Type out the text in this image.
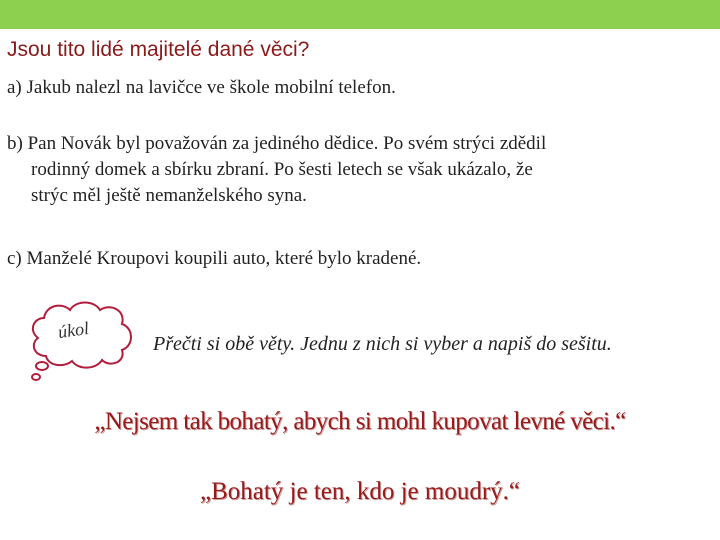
Jsou tito lidé majitelé dané věci?
a) Jakub nalezl na lavičce ve škole mobilní telefon.
b) Pan Novák byl považován za jediného dědice. Po svém strýci zdědil
rodinný domek a sbírku zbraní. Po šesti letech se však ukázalo, že
strýc měl ještě nemanželského syna.
c) Manželé Kroupovi koupili auto, které bylo kradené.
úkol
Přečti si obě věty. Jednu z nich si vyber a napiš do sešitu.
„Nejsem tak bohatý, abych si mohl kupovat levné věci.“
„Bohatý je ten, kdo je moudrý.“
